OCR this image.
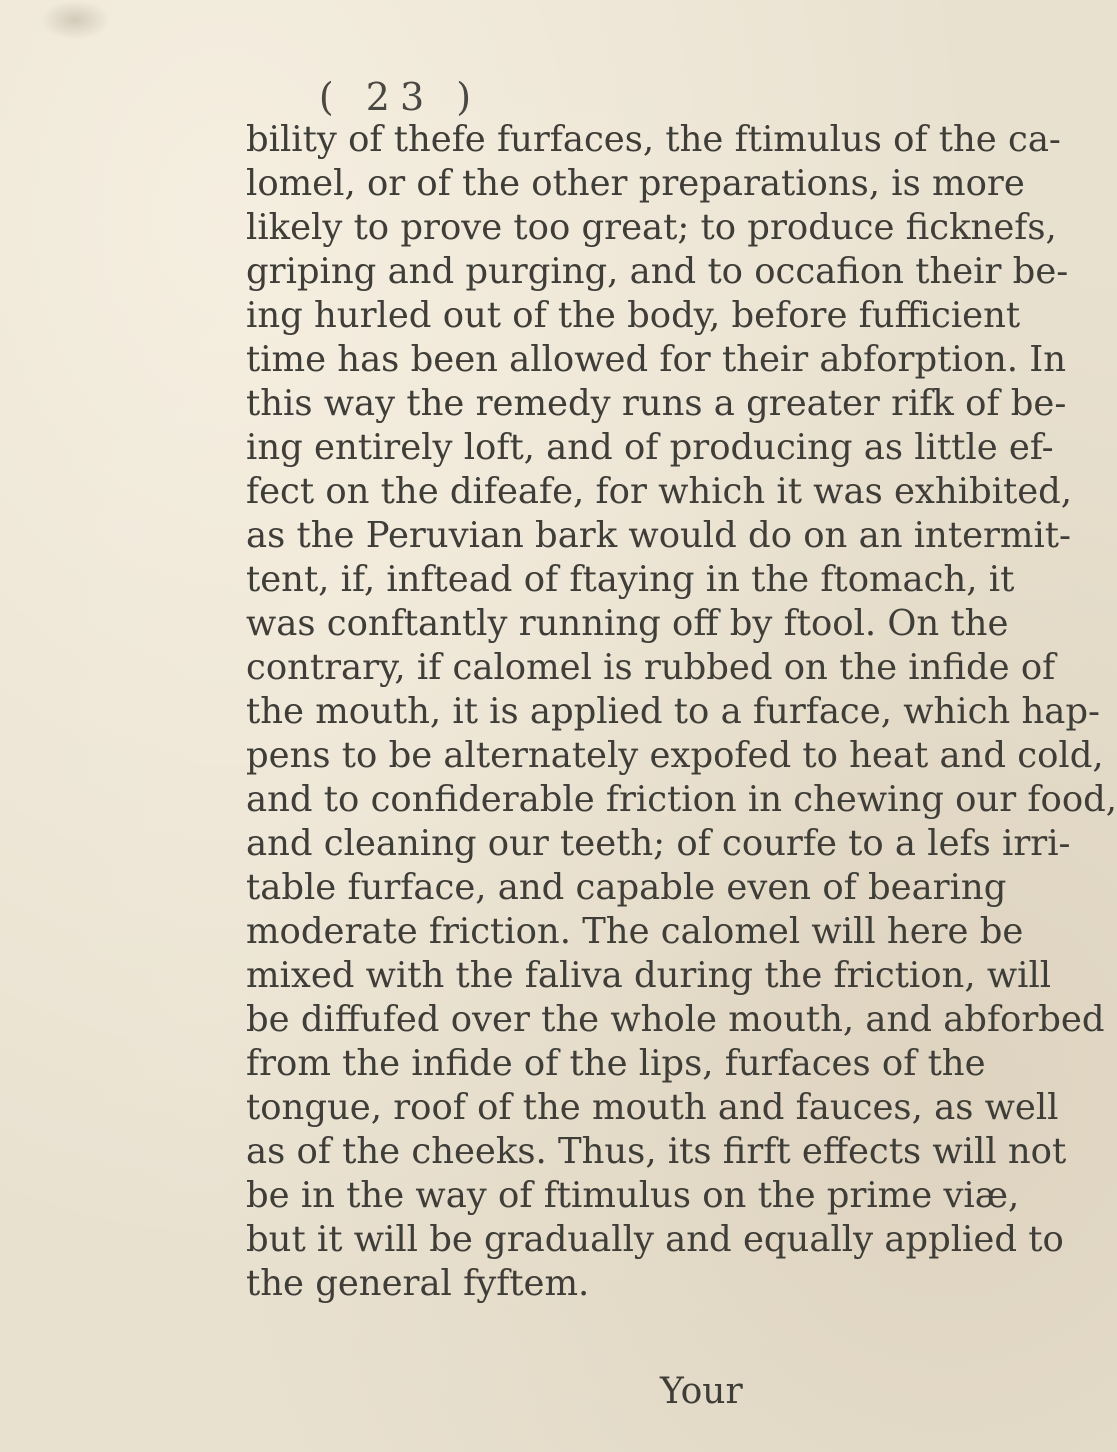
( 23 )
bility of thefe furfaces, the ftimulus of the ca-
lomel, or of the other preparations, is more
likely to prove too great; to produce ficknefs,
griping and purging, and to occafion their be-
ing hurled out of the body, before fufficient
time has been allowed for their abforption. In
this way the remedy runs a greater rifk of be-
ing entirely loft, and of producing as little ef-
fect on the difeafe, for which it was exhibited,
as the Peruvian bark would do on an intermit-
tent, if, inftead of ftaying in the ftomach, it
was conftantly running off by ftool. On the
contrary, if calomel is rubbed on the infide of
the mouth, it is applied to a furface, which hap-
pens to be alternately expofed to heat and cold,
and to confiderable friction in chewing our food,
and cleaning our teeth; of courfe to a lefs irri-
table furface, and capable even of bearing
moderate friction. The calomel will here be
mixed with the faliva during the friction, will
be diffufed over the whole mouth, and abforbed
from the infide of the lips, furfaces of the
tongue, roof of the mouth and fauces, as well
as of the cheeks. Thus, its firft effects will not
be in the way of ftimulus on the prime viæ,
but it will be gradually and equally applied to
the general fyftem.
Your
